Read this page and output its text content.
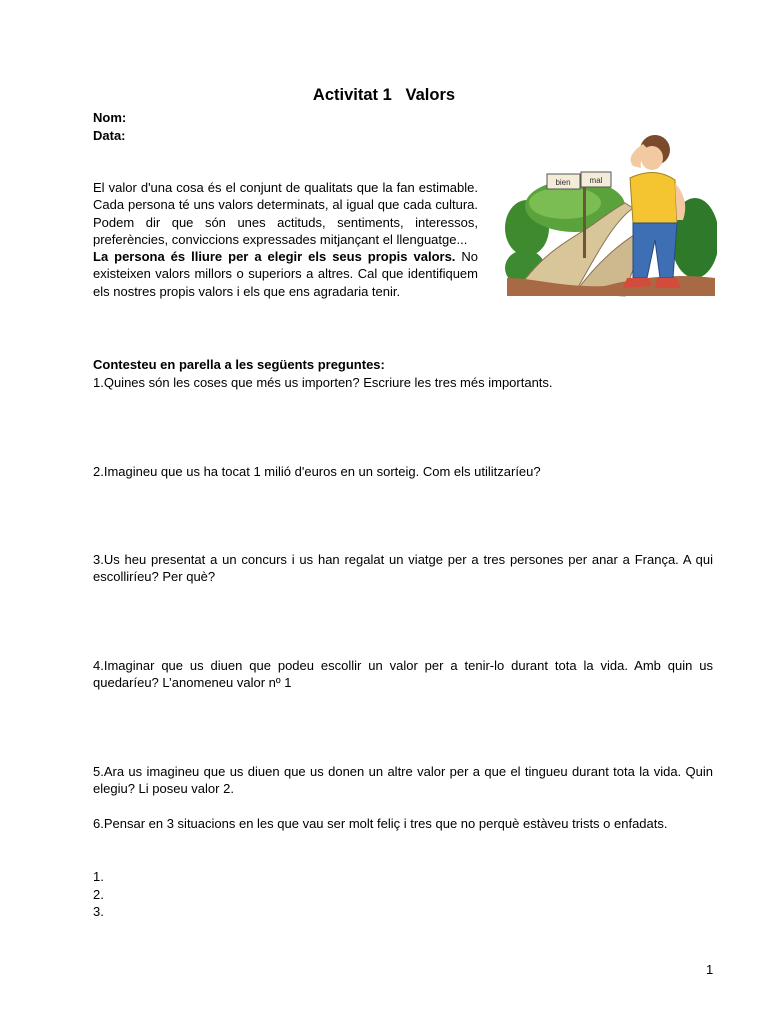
Activitat 1   Valors
Nom:
Data:

El valor d'una cosa és el conjunt de qualitats que la fan estimable. Cada persona té uns valors determinats, al igual que cada cultura. Podem dir que són unes actituds, sentiments, interessos, preferències, conviccions expressades mitjançant el llenguatge...

La persona és lliure per a elegir els seus propis valors. No existeixen valors millors o superiors a altres. Cal que identifiquem els nostres propis valors i els que ens agradaria tenir.

bien mal
Contesteu en parella a les següents preguntes:
1.Quines són les coses que més us importen? Escriure les tres més importants.
2.Imagineu que us ha tocat 1 milió d'euros en un sorteig. Com els utilitzaríeu?
3.Us heu presentat a un concurs i us han regalat un viatge per a tres persones per anar a França. A qui escolliríeu? Per què?
4.Imaginar que us diuen que podeu escollir un valor per a tenir-lo durant tota la vida. Amb quin us quedaríeu? L’anomeneu valor nº 1
5.Ara us imagineu que us diuen que us donen un altre valor per a que el tingueu durant tota la vida. Quin elegiu? Li poseu valor 2.
6.Pensar en 3 situacions en les que vau ser molt feliç i tres que no perquè estàveu trists o enfadats.
1.
2.
3.
1
